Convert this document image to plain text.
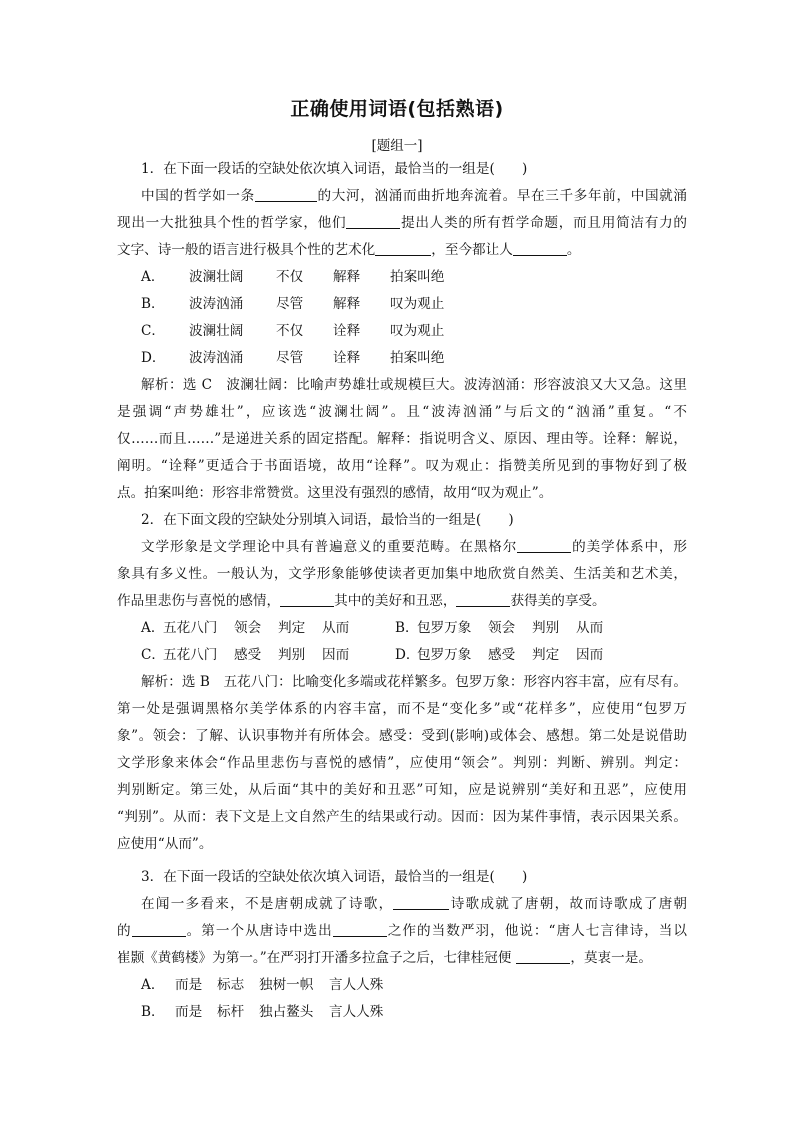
正确使用词语(包括熟语)
[题组一]
1．在下面一段话的空缺处依次填入词语，最恰当的一组是(　　)
中国的哲学如一条	的大河，汹涌而曲折地奔流着。早在三千多年前，中国就涌
现出一大批独具个性的哲学家，他们	提出人类的所有哲学命题，而且用简洁有力的
文字、诗一般的语言进行极具个性的艺术化	，至今都让人	。
A． 波澜壮阔 不仅 解释 拍案叫绝
B． 波涛汹涌 尽管 解释 叹为观止
C． 波澜壮阔 不仅 诠释 叹为观止
D． 波涛汹涌 尽管 诠释 拍案叫绝
解析：选 C　波澜壮阔：比喻声势雄壮或规模巨大。波涛汹涌：形容波浪又大又急。这里
是强调“声势雄壮”，应该选“波澜壮阔”。且“波涛汹涌”与后文的“汹涌”重复。“不
仅……而且……”是递进关系的固定搭配。解释：指说明含义、原因、理由等。诠释：解说，
阐明。“诠释”更适合于书面语境，故用“诠释”。叹为观止：指赞美所见到的事物好到了极
点。拍案叫绝：形容非常赞赏。这里没有强烈的感情，故用“叹为观止”。
2．在下面文段的空缺处分别填入词语，最恰当的一组是(　　)
文学形象是文学理论中具有普遍意义的重要范畴。在黑格尔	的美学体系中，形
象具有多义性。一般认为，文学形象能够使读者更加集中地欣赏自然美、生活美和艺术美，
作品里悲伤与喜悦的感情，	其中的美好和丑恶，	获得美的享受。
A．五花八门 领会 判定 从而	B．包罗万象 领会 判别 从而
C．五花八门 感受 判别 因而	D．包罗万象 感受 判定 因而
解析：选 B　五花八门：比喻变化多端或花样繁多。包罗万象：形容内容丰富，应有尽有。
第一处是强调黑格尔美学体系的内容丰富，而不是“变化多”或“花样多”，应使用“包罗万
象”。领会：了解、认识事物并有所体会。感受：受到(影响)或体会、感想。第二处是说借助
文学形象来体会“作品里悲伤与喜悦的感情”，应使用“领会”。判别：判断、辨别。判定：
判别断定。第三处，从后面“其中的美好和丑恶”可知，应是说辨别“美好和丑恶”，应使用
“判别”。从而：表下文是上文自然产生的结果或行动。因而：因为某件事情，表示因果关系。
应使用“从而”。
3．在下面一段话的空缺处依次填入词语，最恰当的一组是(　　)
在闻一多看来，不是唐朝成就了诗歌，	诗歌成就了唐朝，故而诗歌成了唐朝
的	。第一个从唐诗中选出	之作的当数严羽，他说：“唐人七言律诗，当以
崔颢《黄鹤楼》为第一。”在严羽打开潘多拉盒子之后，七律桂冠便	，莫衷一是。
A． 而是 标志 独树一帜 言人人殊
B． 而是 标杆 独占鳌头 言人人殊
